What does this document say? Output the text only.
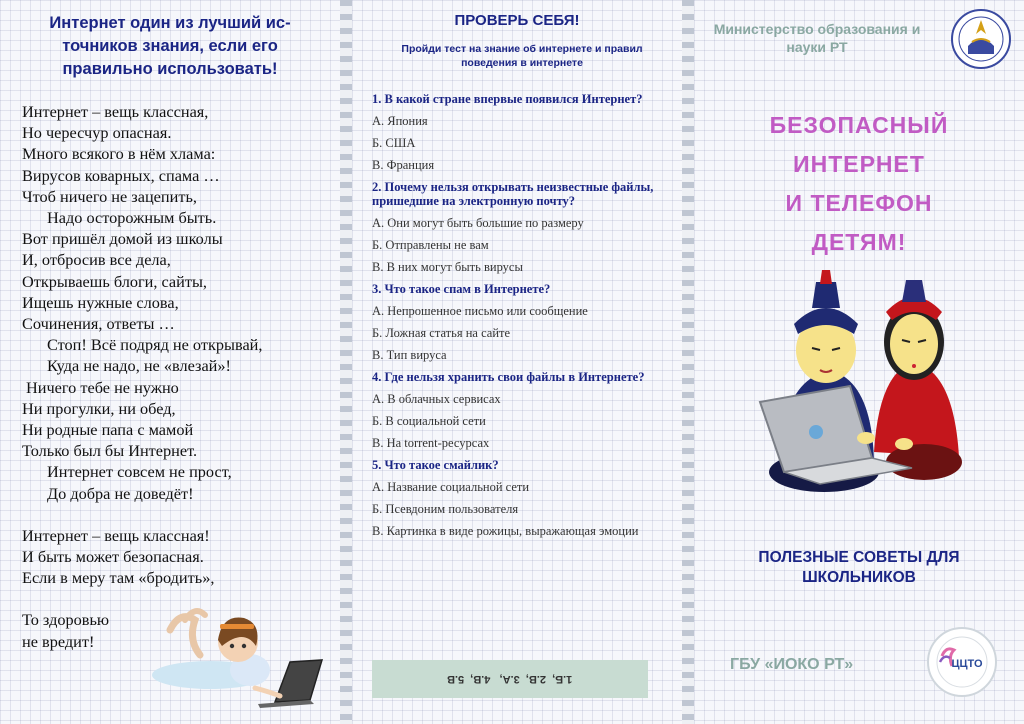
Интернет один из лучший источников знания, если его правильно использовать!
Интернет – вещь классная,
Но чересчур опасная.
Много всякого в нём хлама:
Вирусов коварных, спама …
Чтоб ничего не зацепить,
Надо осторожным быть.
Вот пришёл домой из школы
И, отбросив все дела,
Открываешь блоги, сайты,
Ищешь нужные слова,
Сочинения, ответы …
Стоп! Всё подряд не открывай,
Куда не надо, не «влезай»!
Ничего тебе не нужно
Ни прогулки, ни обед,
Ни родные папа с мамой
Только был бы Интернет.
Интернет совсем не прост,
До добра не доведёт!
Интернет – вещь классная!
И быть может безопасная.
Если в меру там «бродить»,
То здоровью
не вредит!
ПРОВЕРЬ СЕБЯ!
Пройди тест на знание об интернете и правил поведения в интернете
1. В какой стране впервые появился Интернет?
А. Япония
Б. США
В. Франция
2. Почему нельзя открывать неизвестные файлы, пришедшие на электронную почту?
А. Они могут быть большие по размеру
Б. Отправлены не вам
В. В них могут быть вирусы
3. Что такое спам в Интернете?
А. Непрошенное письмо или сообщение
Б. Ложная статья на сайте
В. Тип вируса
4. Где нельзя хранить свои файлы в Интернете?
А. В облачных сервисах
Б. В социальной сети
В. На torrent-ресурсах
5. Что такое смайлик?
А. Название социальной сети
Б. Псевдоним пользователя
В. Картинка в виде рожицы, выражающая эмоции
1.Б,  2.В,  3.А,   4.В,  5.В
Министерство образования и науки РТ
БЕЗОПАСНЫЙ
ИНТЕРНЕТ
И ТЕЛЕФОН
ДЕТЯМ!
ПОЛЕЗНЫЕ СОВЕТЫ ДЛЯ ШКОЛЬНИКОВ
ГБУ «ИОКО РТ»	ЦЦТО
